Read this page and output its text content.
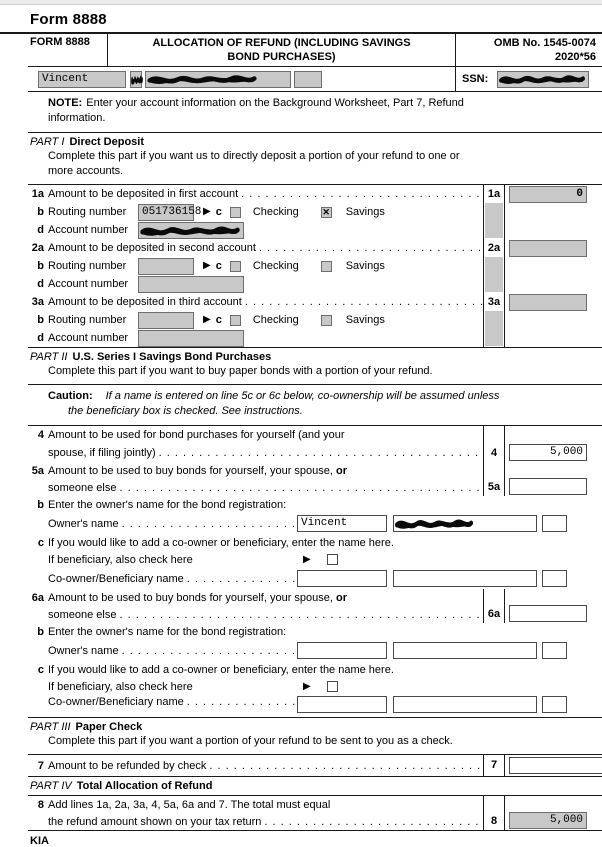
Form 8888
FORM 8888	ALLOCATION OF REFUND (INCLUDING SAVINGS BOND PURCHASES)
OMB No. 1545-0074
2020*56
Vincent	SSN:
NOTE: Enter your account information on the Background Worksheet, Part 7, Refund information.
PART I Direct Deposit
Complete this part if you want us to directly deposit a portion of your refund to one or more accounts.
1a Amount to be deposited in first account
. . .
b Routing number	051736158 ▶ c	Checking ✕	Savings
d Account number
1a	0
2a Amount to be deposited in second account
. . .
b Routing number	▶ c	Checking	Savings
d Account number
2a
3a Amount to be deposited in third account
. . .
b Routing number	▶ c	Checking	Savings
d Account number
3a
PART II U.S. Series I Savings Bond Purchases
Complete this part if you want to buy paper bonds with a portion of your refund.
Caution: If a name is entered on line 5c or 6c below, co-ownership will be assumed unless the beneficiary box is checked. See instructions.
4 Amount to be used for bond purchases for yourself (and your
spouse, if filing jointly) . . .	4	5,000
5a Amount to be used to buy bonds for yourself, your spouse, or
someone else . . .	5a
b Enter the owner's name for the bond registration:
Owner's name . . .	Vincent
c If you would like to add a co-owner or beneficiary, enter the name here.
If beneficiary, also check here	▶
Co-owner/Beneficiary name
. . .
6a Amount to be used to buy bonds for yourself, your spouse, or
someone else . . .	6a
b Enter the owner's name for the bond registration:
Owner's name
. . .
c If you would like to add a co-owner or beneficiary, enter the name here.
If beneficiary, also check here	▶
Co-owner/Beneficiary name
. . .
PART III Paper Check
Complete this part if you want a portion of your refund to be sent to you as a check.
7 Amount to be refunded by check . . .	7
PART IV Total Allocation of Refund
8 Add lines 1a, 2a, 3a, 4, 5a, 6a and 7. The total must equal
the refund amount shown on your tax return . . .	8	5,000
KIA
